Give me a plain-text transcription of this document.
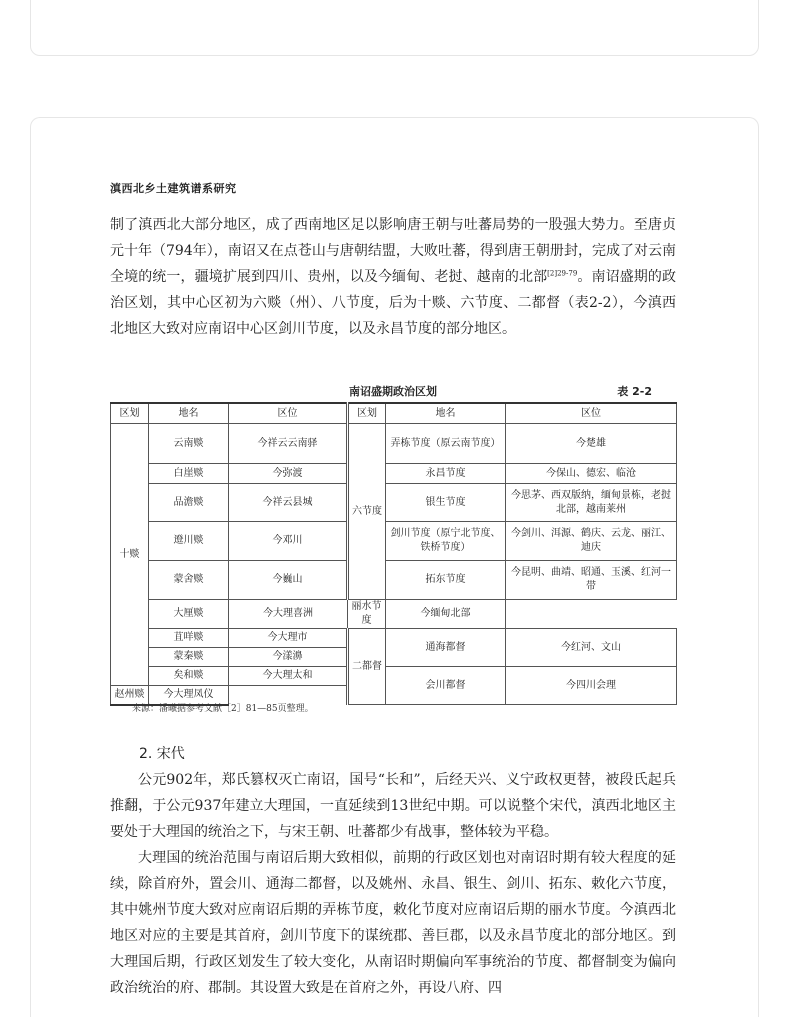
滇西北乡土建筑谱系研究

制了滇西北大部分地区，成了西南地区足以影响唐王朝与吐蕃局势的一股强大势力。至唐贞元十年（794年），南诏又在点苍山与唐朝结盟，大败吐蕃，得到唐王朝册封，完成了对云南全境的统一，疆境扩展到四川、贵州，以及今缅甸、老挝、越南的北部$^{[2]29-79}$。南诏盛期的政治区划，其中心区初为六赕（州）、八节度，后为十赕、六节度、二都督（表2-2），今滇西北地区大致对应南诏中心区剑川节度，以及永昌节度的部分地区。

南诏盛期政治区划	表 2-2
区划	地名	区位	区划	地名	区位
十赕	云南赕	今祥云云南驿	六节度	弄栋节度（原云南节度）	今楚雄

	白崖赕	今弥渡		永昌节度	今保山、德宏、临沧
	品澹赕	今祥云县城		银生节度	今思茅、西双版纳，缅甸景栋，老挝北部，越南莱州
	邆川赕	今邓川		剑川节度（原宁北节度、铁桥节度）	今剑川、洱源、鹤庆、云龙、丽江、迪庆
	蒙舍赕	今巍山		拓东节度	今昆明、曲靖、昭通、玉溪、红河一带
	大厘赕	今大理喜洲	丽水节度	今缅甸北部	
	苴咩赕	今大理市	二都督	通海都督	今红河、文山
	蒙秦赕	今漾濞			
	矣和赕	今大理太和		会川都督	今四川会理
赵州赕	今大理凤仪				
来源：潘曦据参考文献［2］81—85页整理。
2. 宋代

公元902年，郑氏篡权灭亡南诏，国号“长和”，后经天兴、义宁政权更替，被段氏起兵推翻，于公元937年建立大理国，一直延续到13世纪中期。可以说整个宋代，滇西北地区主要处于大理国的统治之下，与宋王朝、吐蕃都少有战事，整体较为平稳。

大理国的统治范围与南诏后期大致相似，前期的行政区划也对南诏时期有较大程度的延续，除首府外，置会川、通海二都督，以及姚州、永昌、银生、剑川、拓东、敕化六节度，其中姚州节度大致对应南诏后期的弄栋节度，敕化节度对应南诏后期的丽水节度。今滇西北地区对应的主要是其首府，剑川节度下的谋统郡、善巨郡，以及永昌节度北的部分地区。到大理国后期，行政区划发生了较大变化，从南诏时期偏向军事统治的节度、都督制变为偏向政治统治的府、郡制。其设置大致是在首府之外，再设八府、四
